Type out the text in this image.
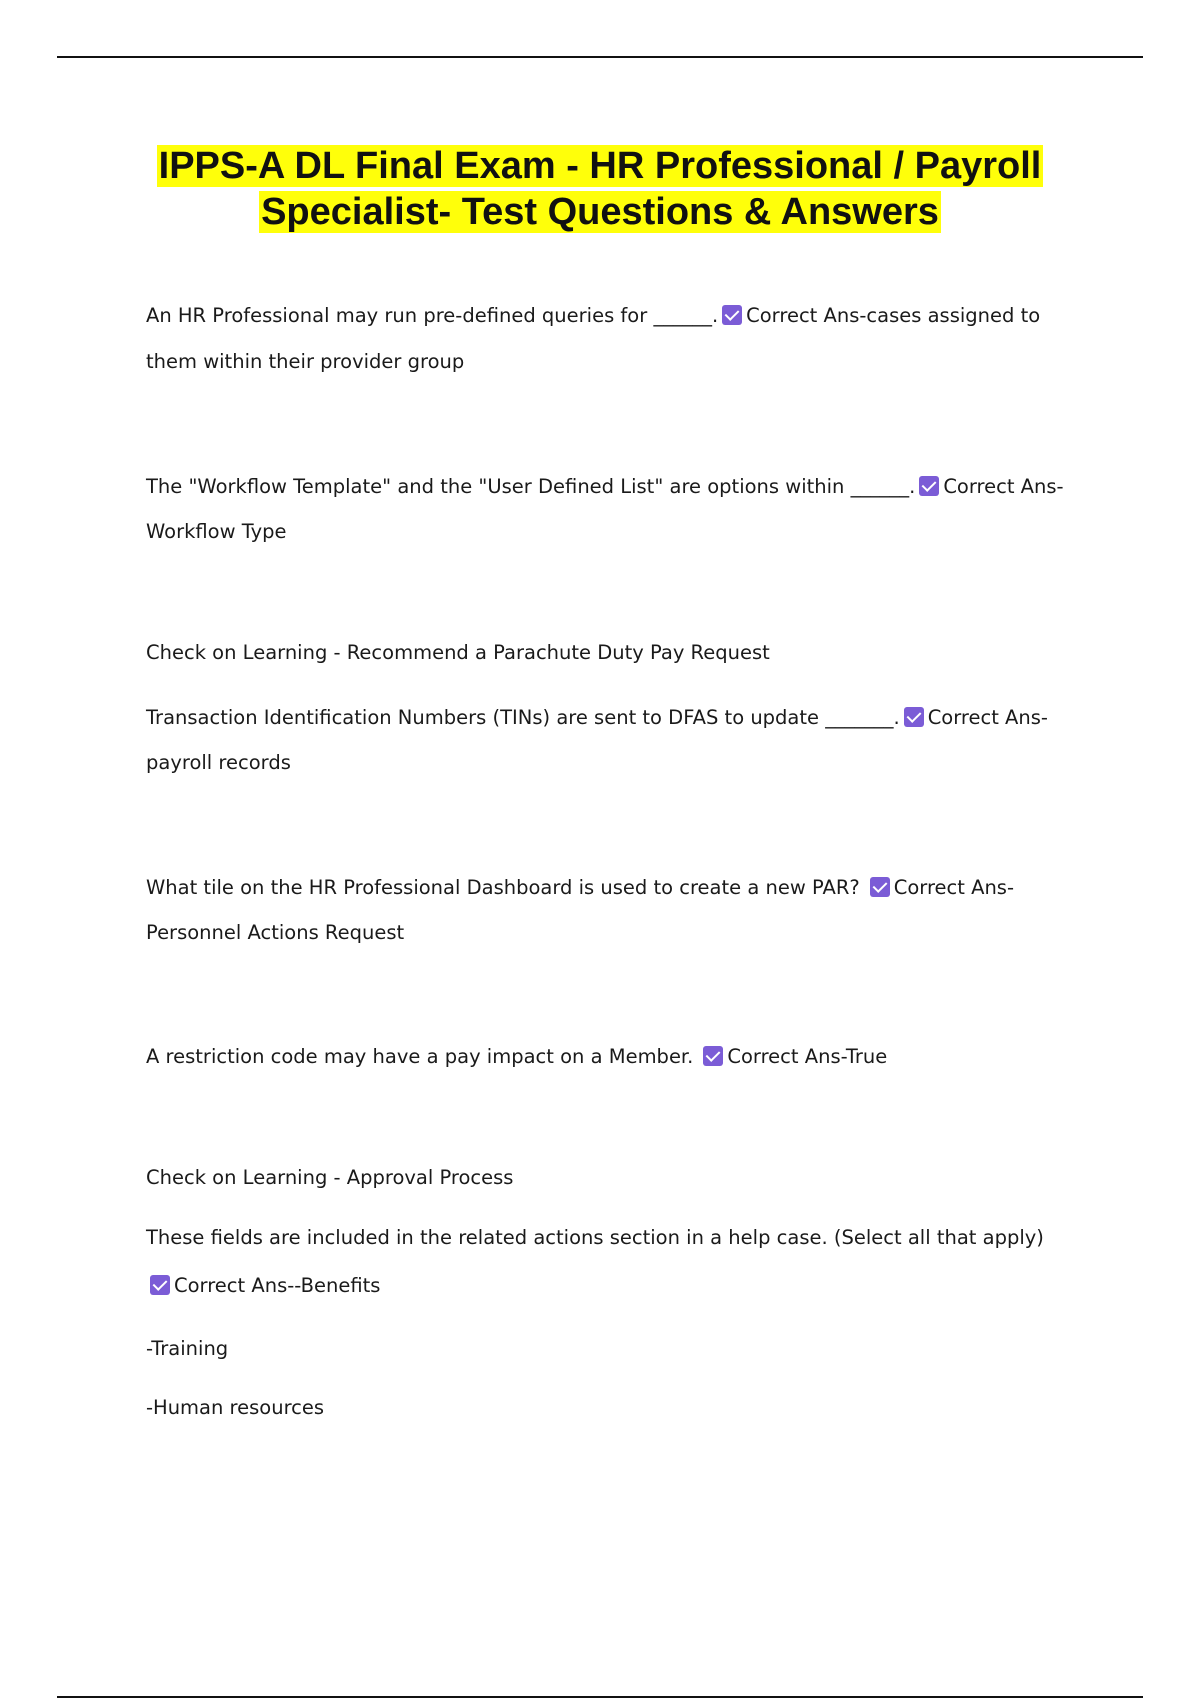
IPPS-A DL Final Exam - HR Professional / Payroll
Specialist- Test Questions & Answers
An HR Professional may run pre-defined queries for ______. Correct Ans-cases assigned to
them within their provider group
The "Workflow Template" and the "User Defined List" are options within ______. Correct Ans-
Workflow Type
Check on Learning - Recommend a Parachute Duty Pay Request
Transaction Identification Numbers (TINs) are sent to DFAS to update _______. Correct Ans-
payroll records
What tile on the HR Professional Dashboard is used to create a new PAR? Correct Ans-
Personnel Actions Request
A restriction code may have a pay impact on a Member. Correct Ans-True
Check on Learning - Approval Process
These fields are included in the related actions section in a help case. (Select all that apply)
Correct Ans--Benefits
-Training
-Human resources
